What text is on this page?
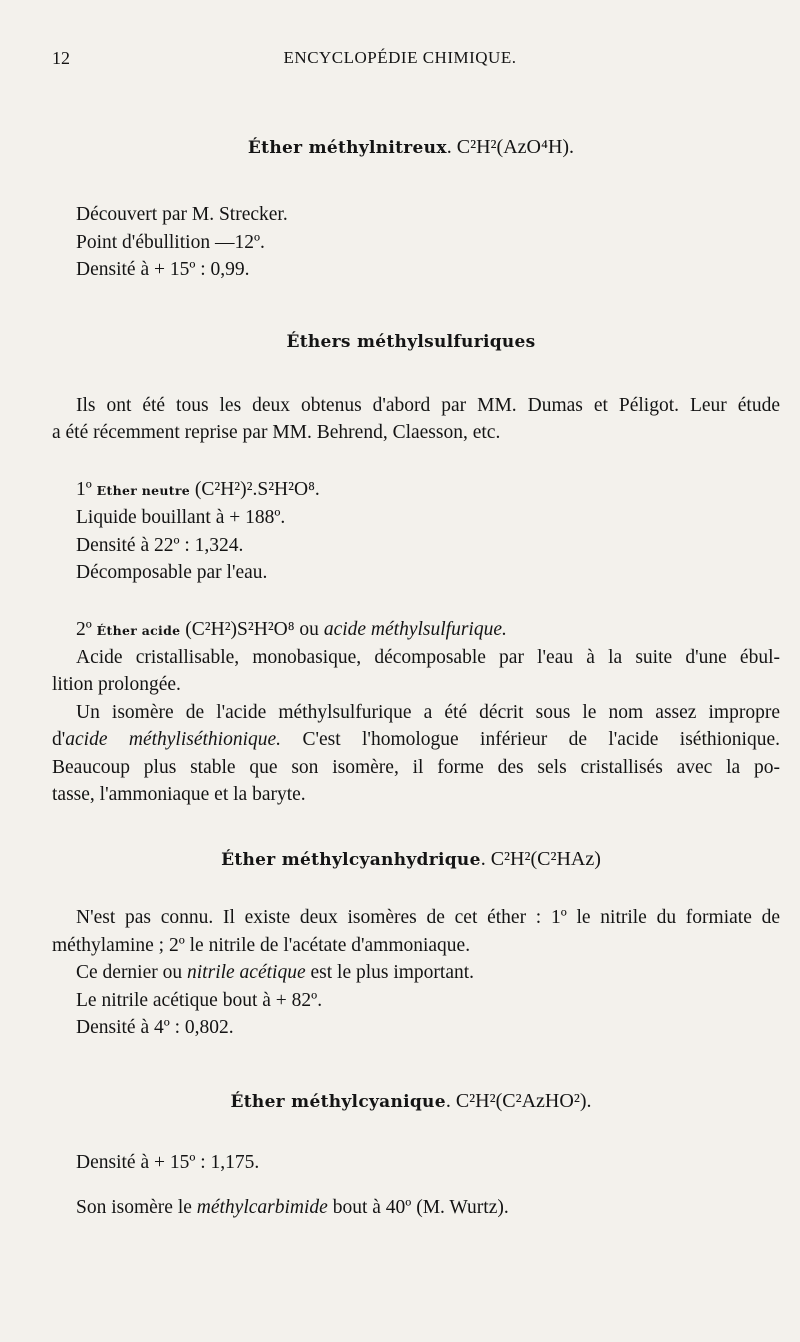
12	ENCYCLOPÉDIE CHIMIQUE.
Éther méthylnitreux. C²H²(AzO⁴H).
Découvert par M. Strecker.
Point d'ébullition —12º.
Densité à + 15º : 0,99.
Éthers méthylsulfuriques
Ils ont été tous les deux obtenus d'abord par MM. Dumas et Péligot. Leur étude
a été récemment reprise par MM. Behrend, Claesson, etc.
1º Ether neutre (C²H²)².S²H²O⁸.
Liquide bouillant à + 188º.
Densité à 22º : 1,324.
Décomposable par l'eau.
2º Éther acide (C²H²)S²H²O⁸ ou acide méthylsulfurique.
Acide cristallisable, monobasique, décomposable par l'eau à la suite d'une ébul-
lition prolongée.
Un isomère de l'acide méthylsulfurique a été décrit sous le nom assez impropre
d'acide méthyliséthionique. C'est l'homologue inférieur de l'acide iséthionique.
Beaucoup plus stable que son isomère, il forme des sels cristallisés avec la po-
tasse, l'ammoniaque et la baryte.
Éther méthylcyanhydrique. C²H²(C²HAz)
N'est pas connu. Il existe deux isomères de cet éther : 1º le nitrile du formiate de
méthylamine ; 2º le nitrile de l'acétate d'ammoniaque.
Ce dernier ou nitrile acétique est le plus important.
Le nitrile acétique bout à + 82º.
Densité à 4º : 0,802.
Éther méthylcyanique. C²H²(C²AzHO²).
Densité à + 15º : 1,175.
Son isomère le méthylcarbimide bout à 40º (M. Wurtz).
